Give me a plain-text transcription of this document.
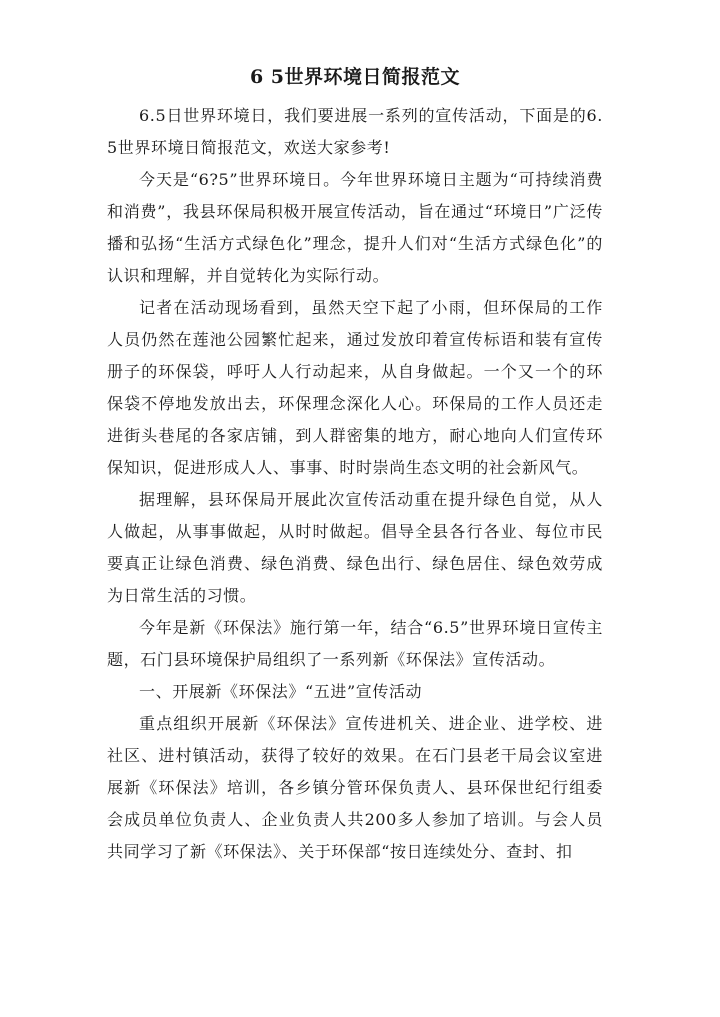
6 5世界环境日简报范文

6.5日世界环境日，我们要进展一系列的宣传活动，下面是的6.5世界环境日简报范文，欢送大家参考!

今天是“6?5”世界环境日。今年世界环境日主题为“可持续消费和消费”，我县环保局积极开展宣传活动，旨在通过“环境日”广泛传播和弘扬“生活方式绿色化”理念，提升人们对“生活方式绿色化”的认识和理解，并自觉转化为实际行动。

记者在活动现场看到，虽然天空下起了小雨，但环保局的工作人员仍然在莲池公园繁忙起来，通过发放印着宣传标语和装有宣传册子的环保袋，呼吁人人行动起来，从自身做起。一个又一个的环保袋不停地发放出去，环保理念深化人心。环保局的工作人员还走进街头巷尾的各家店铺，到人群密集的地方，耐心地向人们宣传环保知识，促进形成人人、事事、时时崇尚生态文明的社会新风气。

据理解，县环保局开展此次宣传活动重在提升绿色自觉，从人人做起，从事事做起，从时时做起。倡导全县各行各业、每位市民要真正让绿色消费、绿色消费、绿色出行、绿色居住、绿色效劳成为日常生活的习惯。

今年是新《环保法》施行第一年，结合“6.5”世界环境日宣传主题，石门县环境保护局组织了一系列新《环保法》宣传活动。

一、开展新《环保法》“五进”宣传活动

重点组织开展新《环保法》宣传进机关、进企业、进学校、进社区、进村镇活动，获得了较好的效果。在石门县老干局会议室进展新《环保法》培训，各乡镇分管环保负责人、县环保世纪行组委会成员单位负责人、企业负责人共200多人参加了培训。与会人员共同学习了新《环保法》、关于环保部“按日连续处分、查封、扣
